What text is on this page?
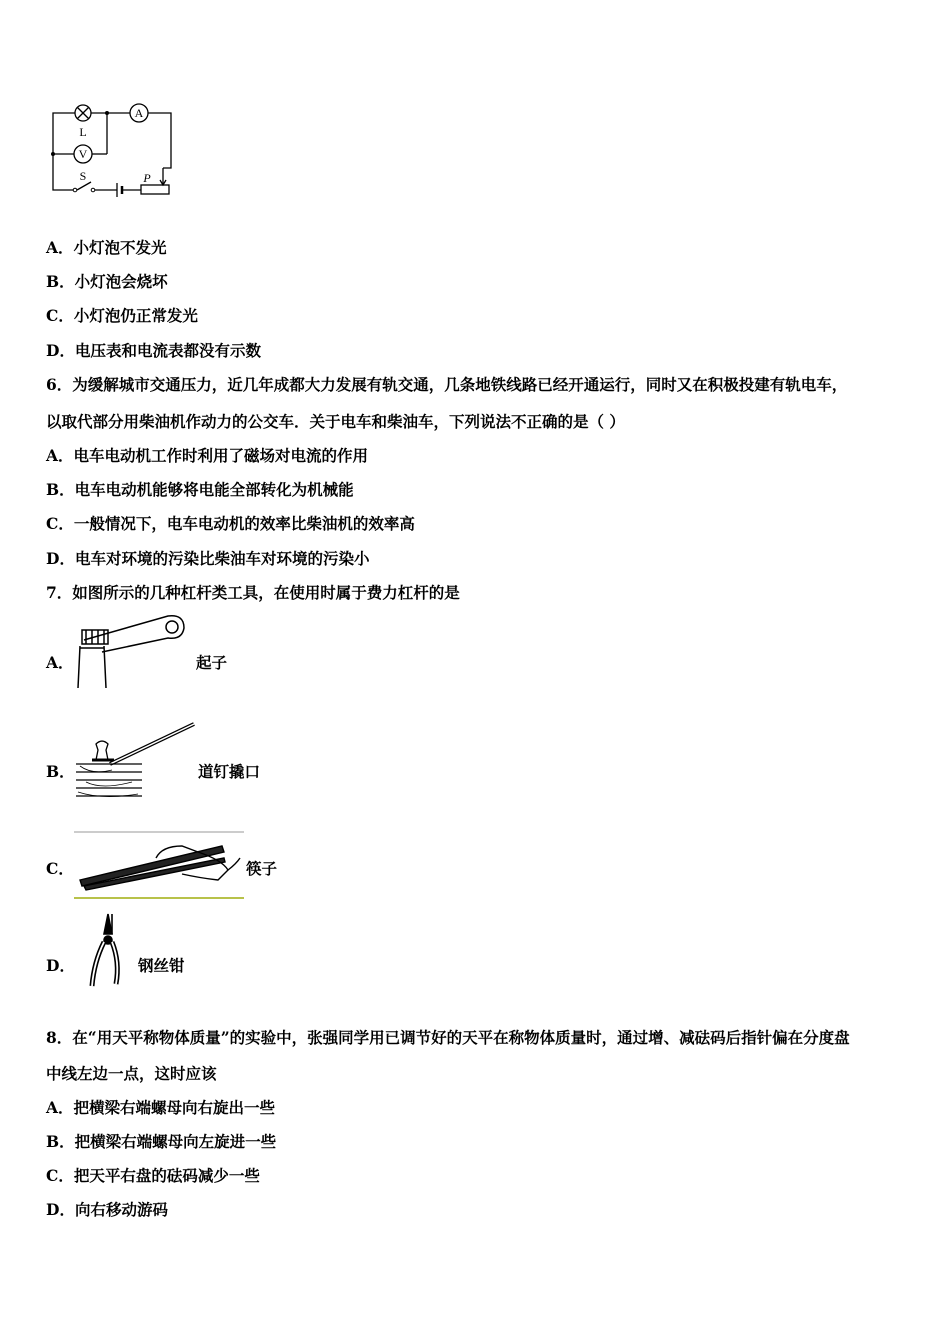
L
A
V
S	P
A．小灯泡不发光
B．小灯泡会烧坏
C．小灯泡仍正常发光
D．电压表和电流表都没有示数
6．为缓解城市交通压力，近几年成都大力发展有轨交通，几条地铁线路已经开通运行，同时又在积极投建有轨电车，
以取代部分用柴油机作动力的公交车．关于电车和柴油车，下列说法不正确的是（ ）
A．电车电动机工作时利用了磁场对电流的作用
B．电车电动机能够将电能全部转化为机械能
C．一般情况下，电车电动机的效率比柴油机的效率高
D．电车对环境的污染比柴油车对环境的污染小
7．如图所示的几种杠杆类工具，在使用时属于费力杠杆的是
A．	起子
B．	道钉撬口
C．	筷子
D．	钢丝钳
8．在“用天平称物体质量”的实验中，张强同学用已调节好的天平在称物体质量时，通过增、减砝码后指针偏在分度盘
中线左边一点，这时应该
A．把横梁右端螺母向右旋出一些
B．把横梁右端螺母向左旋进一些
C．把天平右盘的砝码减少一些
D．向右移动游码
